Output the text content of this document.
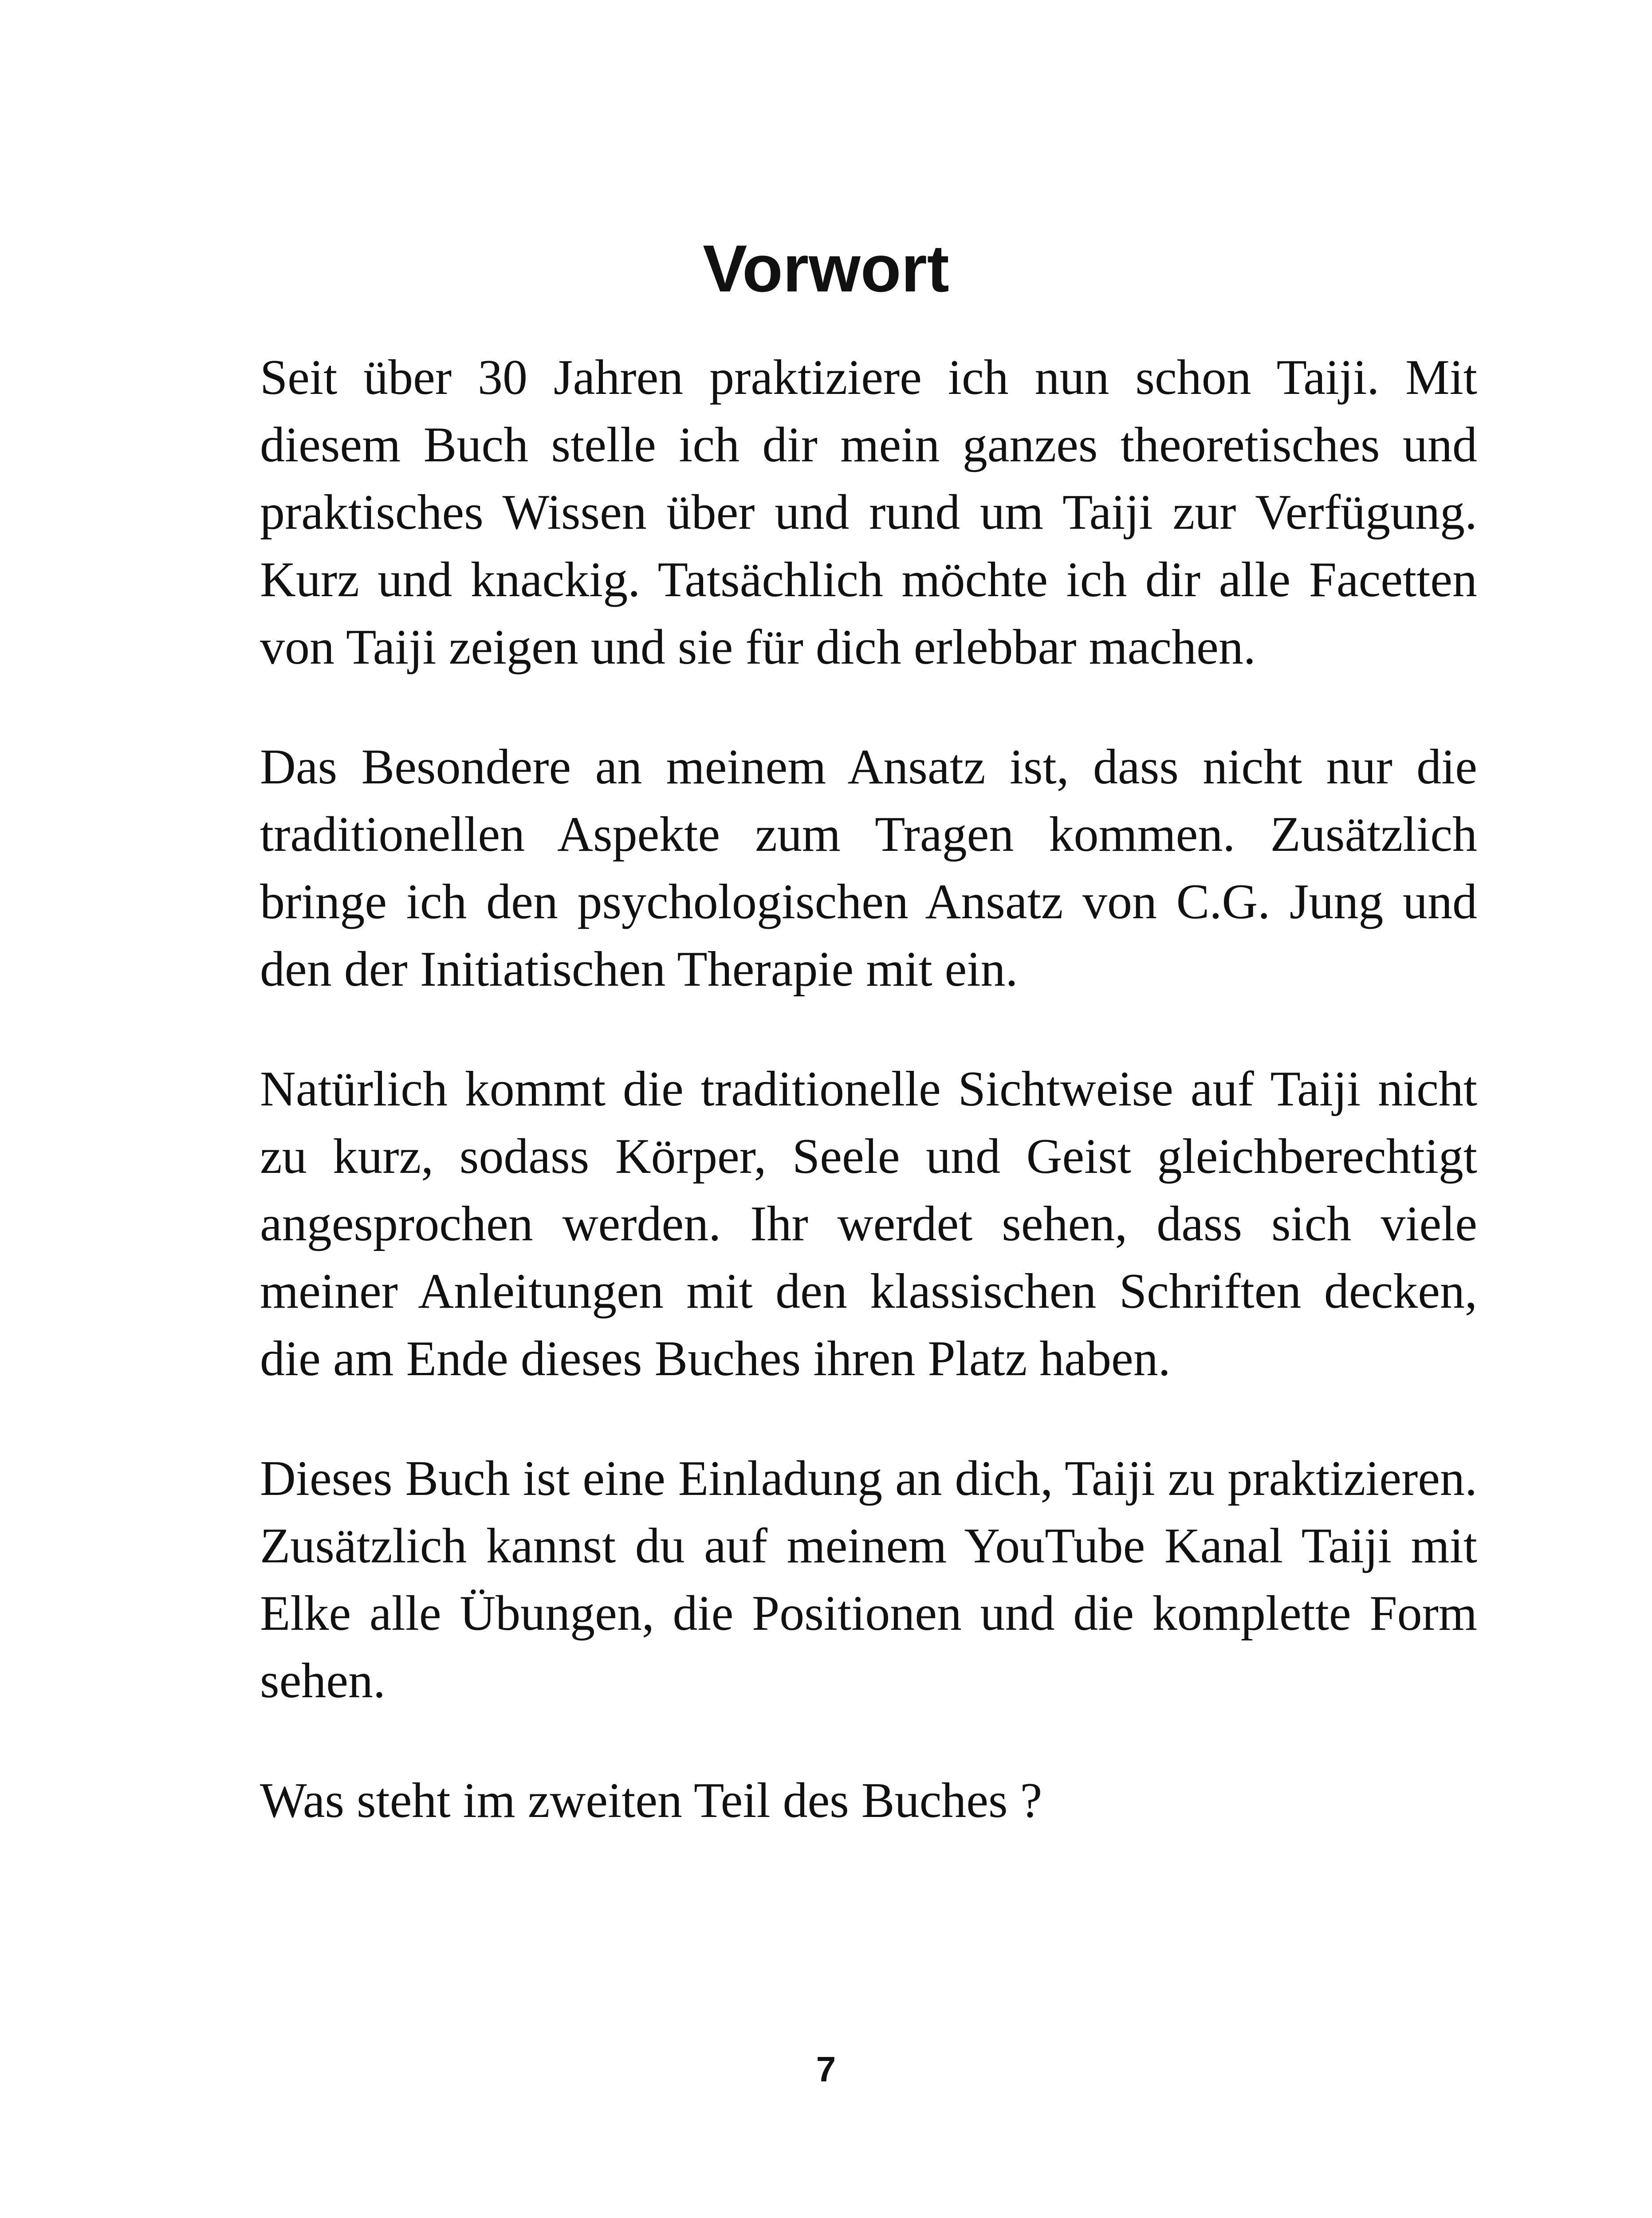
Vorwort

Seit über 30 Jahren praktiziere ich nun schon Taiji. Mit diesem Buch stelle ich dir mein ganzes theoretisches und praktisches Wissen über und rund um Taiji zur Verfügung. Kurz und knackig. Tatsächlich möchte ich dir alle Facetten von Taiji zeigen und sie für dich erlebbar machen.

Das Besondere an meinem Ansatz ist, dass nicht nur die traditionellen Aspekte zum Tragen kommen. Zusätzlich bringe ich den psychologischen Ansatz von C.G. Jung und den der Initiatischen Therapie mit ein.

Natürlich kommt die traditionelle Sichtweise auf Taiji nicht zu kurz, sodass Körper, Seele und Geist gleichberechtigt angesprochen werden. Ihr werdet sehen, dass sich viele meiner Anleitungen mit den klassischen Schriften decken, die am Ende dieses Buches ihren Platz haben.

Dieses Buch ist eine Einladung an dich, Taiji zu praktizieren. Zusätzlich kannst du auf meinem YouTube Kanal Taiji mit Elke alle Übungen, die Positionen und die komplette Form sehen.

Was steht im zweiten Teil des Buches ?

7
